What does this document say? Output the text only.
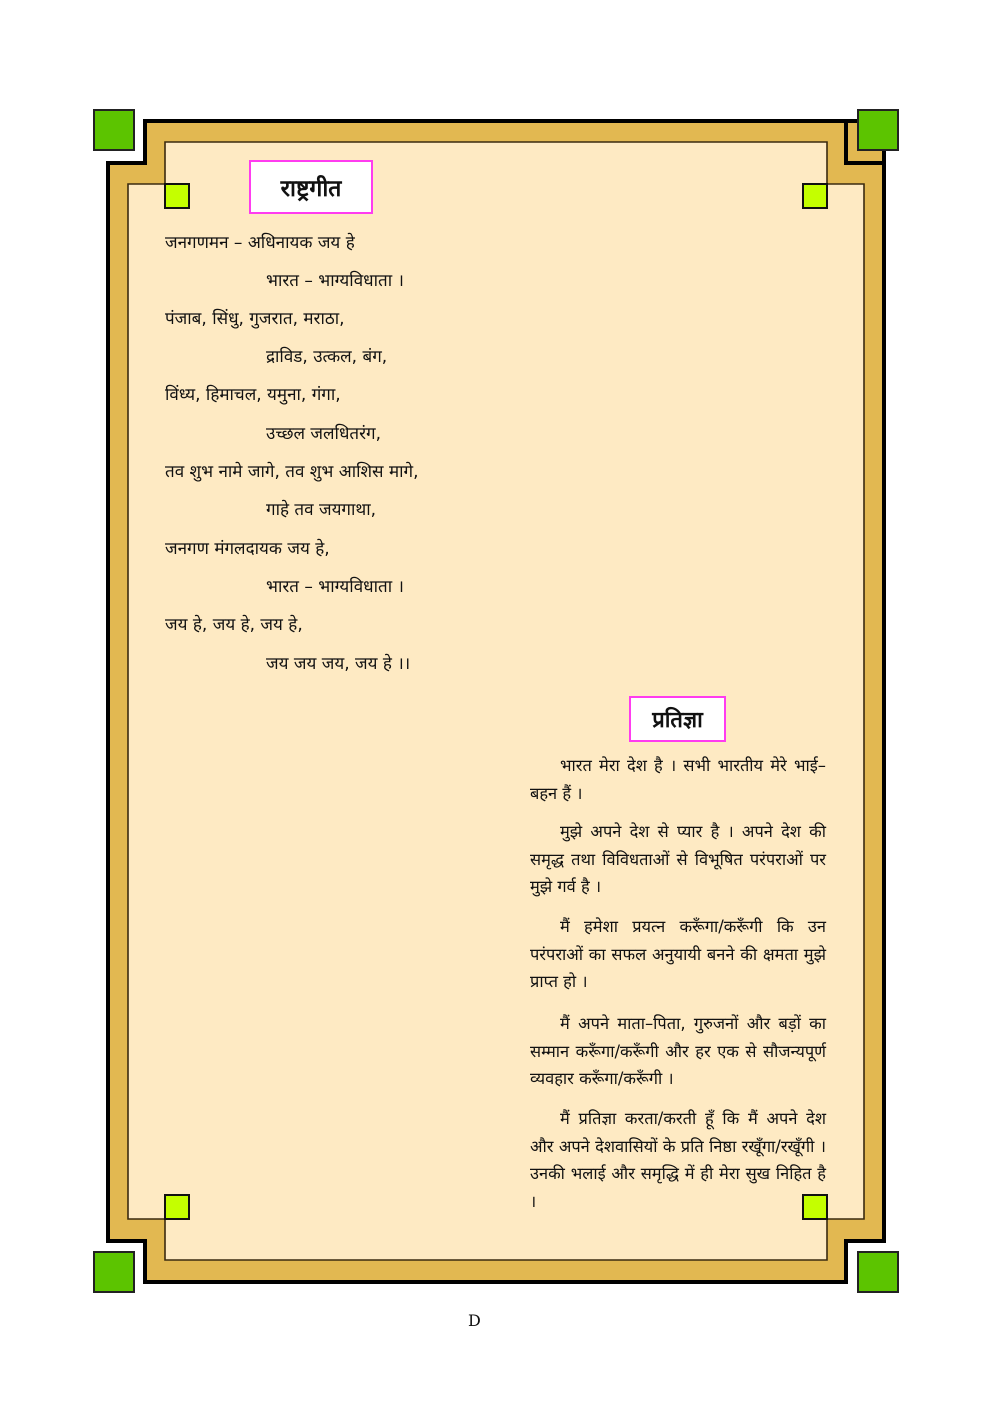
राष्ट्रगीत
जनगणमन – अधिनायक जय हे
भारत – भाग्यविधाता ।
पंजाब, सिंधु, गुजरात, मराठा,
द्राविड, उत्कल, बंग,
विंध्य, हिमाचल, यमुना, गंगा,
उच्छल जलधितरंग,
तव शुभ नामे जागे, तव शुभ आशिस मागे,
गाहे तव जयगाथा,
जनगण मंगलदायक जय हे,
भारत – भाग्यविधाता ।
जय हे, जय हे, जय हे,
जय जय जय, जय हे ।।
प्रतिज्ञा

भारत मेरा देश है । सभी भारतीय मेरे भाई–बहन हैं ।

मुझे अपने देश से प्यार है । अपने देश की समृद्ध तथा विविधताओं से विभूषित परंपराओं पर मुझे गर्व है ।

मैं हमेशा प्रयत्न करूँगा/करूँगी कि उन परंपराओं का सफल अनुयायी बनने की क्षमता मुझे प्राप्त हो ।

मैं अपने माता–पिता, गुरुजनों और बड़ों का सम्मान करूँगा/करूँगी और हर एक से सौजन्यपूर्ण व्यवहार करूँगा/करूँगी ।

मैं प्रतिज्ञा करता/करती हूँ कि मैं अपने देश और अपने देशवासियों के प्रति निष्ठा रखूँगा/रखूँगी । उनकी भलाई और समृद्धि में ही मेरा सुख निहित है ।

D
